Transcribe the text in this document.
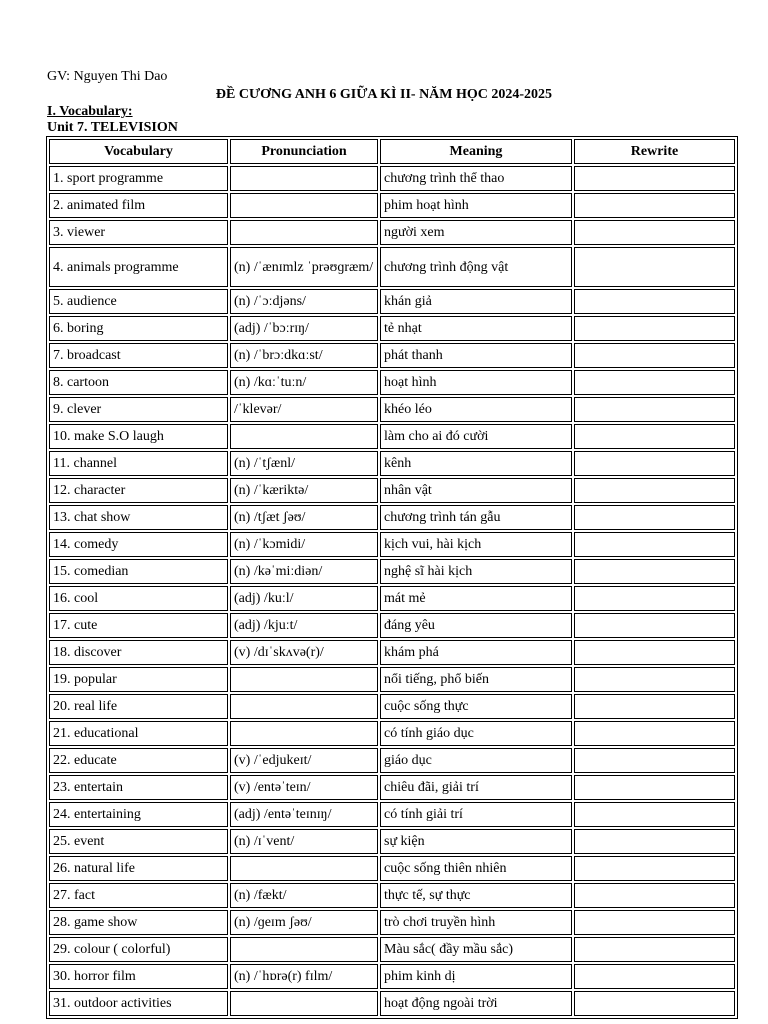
GV: Nguyen Thi Dao
ĐỀ CƯƠNG ANH 6 GIỮA KÌ II- NĂM HỌC 2024-2025
I. Vocabulary:
Unit 7. TELEVISION
Vocabulary	Pronunciation	Meaning	Rewrite
1. sport programme		chương trình thể thao	
2. animated film		phim hoạt hình	
3. viewer		người xem	
4. animals programme	(n) /ˈænɪmlz ˈprəʊɡræm/	chương trình động vật	
5. audience	(n) /ˈɔːdjəns/	khán giả	
6. boring	(adj) /ˈbɔːrɪŋ/	tẻ nhạt	
7. broadcast	(n) /ˈbrɔːdkɑːst/	phát thanh	
8. cartoon	(n) /kɑːˈtuːn/	hoạt hình	
9. clever	/ˈklevər/	khéo léo	
10. make S.O laugh		làm cho ai đó cười	
11. channel	(n) /ˈtʃænl/	kênh	
12. character	(n) /ˈkæriktə/	nhân vật	
13. chat show	(n) /tʃæt ʃəʊ/	chương trình tán gẫu	
14. comedy	(n) /ˈkɔmidi/	kịch vui, hài kịch	
15. comedian	(n) /kəˈmiːdiən/	nghệ sĩ hài kịch	
16. cool	(adj) /kuːl/	mát mẻ	
17. cute	(adj) /kjuːt/	đáng yêu	
18. discover	(v) /dɪˈskʌvə(r)/	khám phá	
19. popular		nổi tiếng, phổ biến	
20. real life		cuộc sống thực	
21. educational		có tính giáo dục	
22. educate	(v) /ˈedjukeɪt/	giáo dục	
23. entertain	(v) /entəˈteɪn/	chiêu đãi, giải trí	
24. entertaining	(adj) /entəˈteɪnɪŋ/	có tính giải trí	
25. event	(n) /ɪˈvent/	sự kiện	
26. natural life		cuộc sống thiên nhiên	
27. fact	(n) /fækt/	thực tế, sự thực	
28. game show	(n) /ɡeɪm ʃəʊ/	trò chơi truyền hình	
29. colour ( colorful)		Màu sắc( đầy mầu sắc)	
30. horror film	(n) /ˈhɒrə(r) fɪlm/	phim kinh dị	
31. outdoor activities		hoạt động ngoài trời	
